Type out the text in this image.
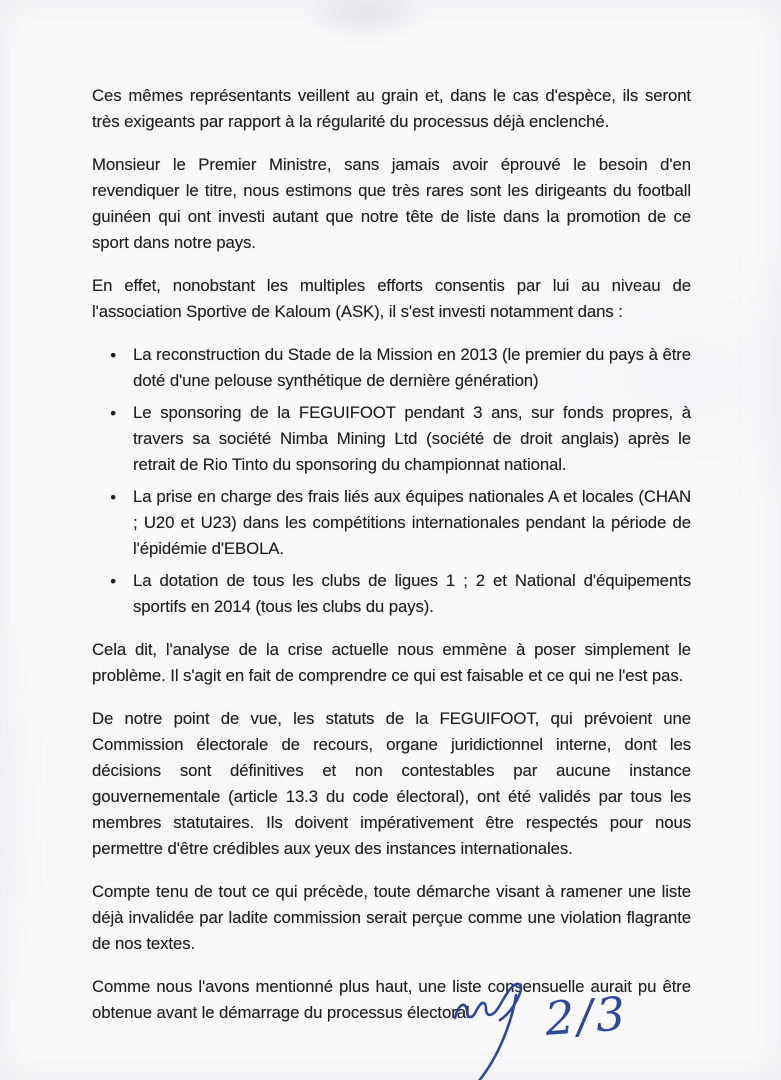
Ces mêmes représentants veillent au grain et, dans le cas d'espèce, ils seront très exigeants par rapport à la régularité du processus déjà enclenché.

Monsieur le Premier Ministre, sans jamais avoir éprouvé le besoin d'en revendiquer le titre, nous estimons que très rares sont les dirigeants du football guinéen qui ont investi autant que notre tête de liste dans la promotion de ce sport dans notre pays.

En effet, nonobstant les multiples efforts consentis par lui au niveau de l'association Sportive de Kaloum (ASK), il s'est investi notamment dans :

● La reconstruction du Stade de la Mission en 2013 (le premier du pays à être doté d'une pelouse synthétique de dernière génération)
● Le sponsoring de la FEGUIFOOT pendant 3 ans, sur fonds propres, à travers sa société Nimba Mining Ltd (société de droit anglais) après le retrait de Rio Tinto du sponsoring du championnat national.
● La prise en charge des frais liés aux équipes nationales A et locales (CHAN ; U20 et U23) dans les compétitions internationales pendant la période de l'épidémie d'EBOLA.
● La dotation de tous les clubs de ligues 1 ; 2 et National d'équipements sportifs en 2014 (tous les clubs du pays).

Cela dit, l'analyse de la crise actuelle nous emmène à poser simplement le problème. Il s'agit en fait de comprendre ce qui est faisable et ce qui ne l'est pas.

De notre point de vue, les statuts de la FEGUIFOOT, qui prévoient une Commission électorale de recours, organe juridictionnel interne, dont les décisions sont définitives et non contestables par aucune instance gouvernementale (article 13.3 du code électoral), ont été validés par tous les membres statutaires. Ils doivent impérativement être respectés pour nous permettre d'être crédibles aux yeux des instances internationales.

Compte tenu de tout ce qui précède, toute démarche visant à ramener une liste déjà invalidée par ladite commission serait perçue comme une violation flagrante de nos textes.

Comme nous l'avons mentionné plus haut, une liste consensuelle aurait pu être obtenue avant le démarrage du processus électoral.	2/3
